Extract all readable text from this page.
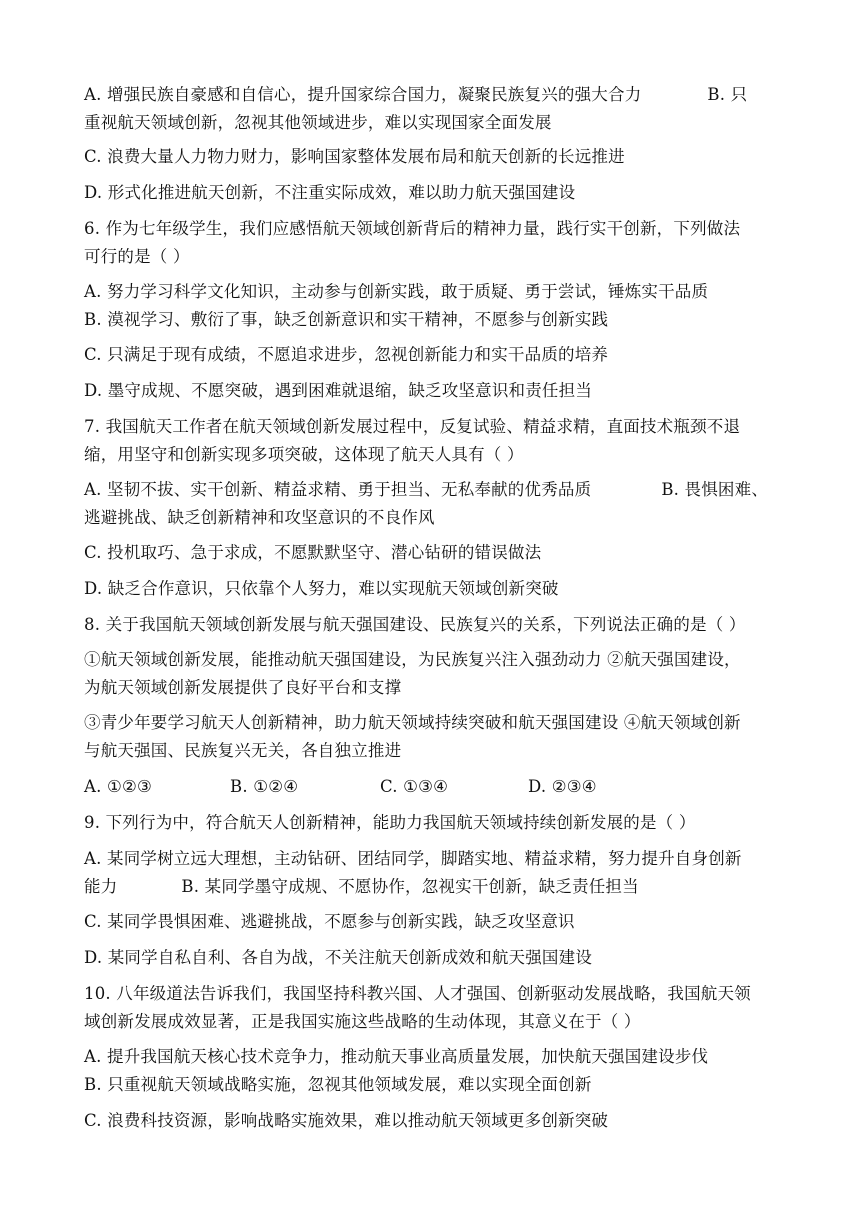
A. 增强民族自豪感和自信心，提升国家综合国力，凝聚民族复兴的强大合力	B. 只
重视航天领域创新，忽视其他领域进步，难以实现国家全面发展
C. 浪费大量人力物力财力，影响国家整体发展布局和航天创新的长远推进
D. 形式化推进航天创新，不注重实际成效，难以助力航天强国建设
6. 作为七年级学生，我们应感悟航天领域创新背后的精神力量，践行实干创新，下列做法
可行的是（ ）
A. 努力学习科学文化知识，主动参与创新实践，敢于质疑、勇于尝试，锤炼实干品质
B. 漠视学习、敷衍了事，缺乏创新意识和实干精神，不愿参与创新实践
C. 只满足于现有成绩，不愿追求进步，忽视创新能力和实干品质的培养
D. 墨守成规、不愿突破，遇到困难就退缩，缺乏攻坚意识和责任担当
7. 我国航天工作者在航天领域创新发展过程中，反复试验、精益求精，直面技术瓶颈不退
缩，用坚守和创新实现多项突破，这体现了航天人具有（ ）
A. 坚韧不拔、实干创新、精益求精、勇于担当、无私奉献的优秀品质	B. 畏惧困难、
逃避挑战、缺乏创新精神和攻坚意识的不良作风
C. 投机取巧、急于求成，不愿默默坚守、潜心钻研的错误做法
D. 缺乏合作意识，只依靠个人努力，难以实现航天领域创新突破
8. 关于我国航天领域创新发展与航天强国建设、民族复兴的关系，下列说法正确的是（ ）
①航天领域创新发展，能推动航天强国建设，为民族复兴注入强劲动力 ②航天强国建设，
为航天领域创新发展提供了良好平台和支撑
③青少年要学习航天人创新精神，助力航天领域持续突破和航天强国建设 ④航天领域创新
与航天强国、民族复兴无关，各自独立推进
A. ①②③	B. ①②④	C. ①③④	D. ②③④
9. 下列行为中，符合航天人创新精神，能助力我国航天领域持续创新发展的是（ ）
A. 某同学树立远大理想，主动钻研、团结同学，脚踏实地、精益求精，努力提升自身创新
能力	B. 某同学墨守成规、不愿协作，忽视实干创新，缺乏责任担当
C. 某同学畏惧困难、逃避挑战，不愿参与创新实践，缺乏攻坚意识
D. 某同学自私自利、各自为战，不关注航天创新成效和航天强国建设
10. 八年级道法告诉我们，我国坚持科教兴国、人才强国、创新驱动发展战略，我国航天领
域创新发展成效显著，正是我国实施这些战略的生动体现，其意义在于（ ）
A. 提升我国航天核心技术竞争力，推动航天事业高质量发展，加快航天强国建设步伐
B. 只重视航天领域战略实施，忽视其他领域发展，难以实现全面创新
C. 浪费科技资源，影响战略实施效果，难以推动航天领域更多创新突破
